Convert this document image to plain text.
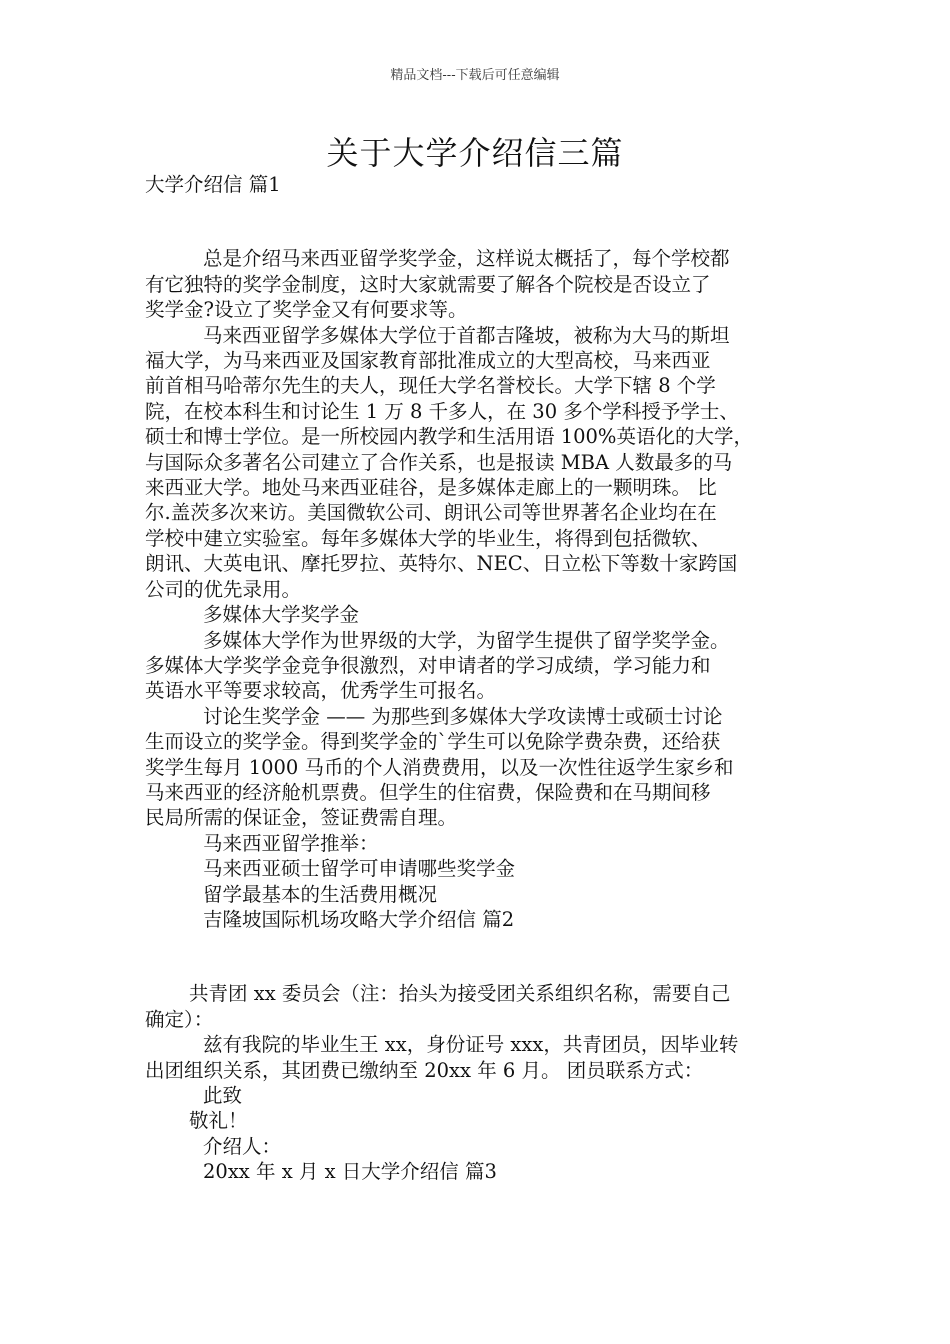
精品文档---下载后可任意编辑
关于大学介绍信三篇

大学介绍信 篇1

总是介绍马来西亚留学奖学金，这样说太概括了，每个学校都

有它独特的奖学金制度，这时大家就需要了解各个院校是否设立了

奖学金?设立了奖学金又有何要求等。

马来西亚留学多媒体大学位于首都吉隆坡，被称为大马的斯坦

福大学，为马来西亚及国家教育部批准成立的大型高校，马来西亚

前首相马哈蒂尔先生的夫人，现任大学名誉校长。大学下辖 8 个学

院，在校本科生和讨论生 1 万 8 千多人，在 30 多个学科授予学士、

硕士和博士学位。是一所校园内教学和生活用语 100%英语化的大学，

与国际众多著名公司建立了合作关系，也是报读 MBA 人数最多的马

来西亚大学。地处马来西亚硅谷，是多媒体走廊上的一颗明珠。 比

尔.盖茨多次来访。美国微软公司、朗讯公司等世界著名企业均在在

学校中建立实验室。每年多媒体大学的毕业生，将得到包括微软、

朗讯、大英电讯、摩托罗拉、英特尔、NEC、日立松下等数十家跨国

公司的优先录用。

多媒体大学奖学金

多媒体大学作为世界级的大学，为留学生提供了留学奖学金。

多媒体大学奖学金竞争很激烈，对申请者的学习成绩，学习能力和

英语水平等要求较高，优秀学生可报名。

讨论生奖学金 —— 为那些到多媒体大学攻读博士或硕士讨论

生而设立的奖学金。得到奖学金的`学生可以免除学费杂费，还给获

奖学生每月 1000 马币的个人消费费用，以及一次性往返学生家乡和

马来西亚的经济舱机票费。但学生的住宿费，保险费和在马期间移

民局所需的保证金，签证费需自理。

马来西亚留学推举：

马来西亚硕士留学可申请哪些奖学金

留学最基本的生活费用概况

吉隆坡国际机场攻略大学介绍信 篇2

共青团 xx 委员会（注：抬头为接受团关系组织名称，需要自己

确定）：

兹有我院的毕业生王 xx，身份证号 xxx，共青团员，因毕业转

出团组织关系，其团费已缴纳至 20xx 年 6 月。 团员联系方式：

此致

敬礼！

介绍人：

20xx 年 x 月 x 日大学介绍信 篇3
